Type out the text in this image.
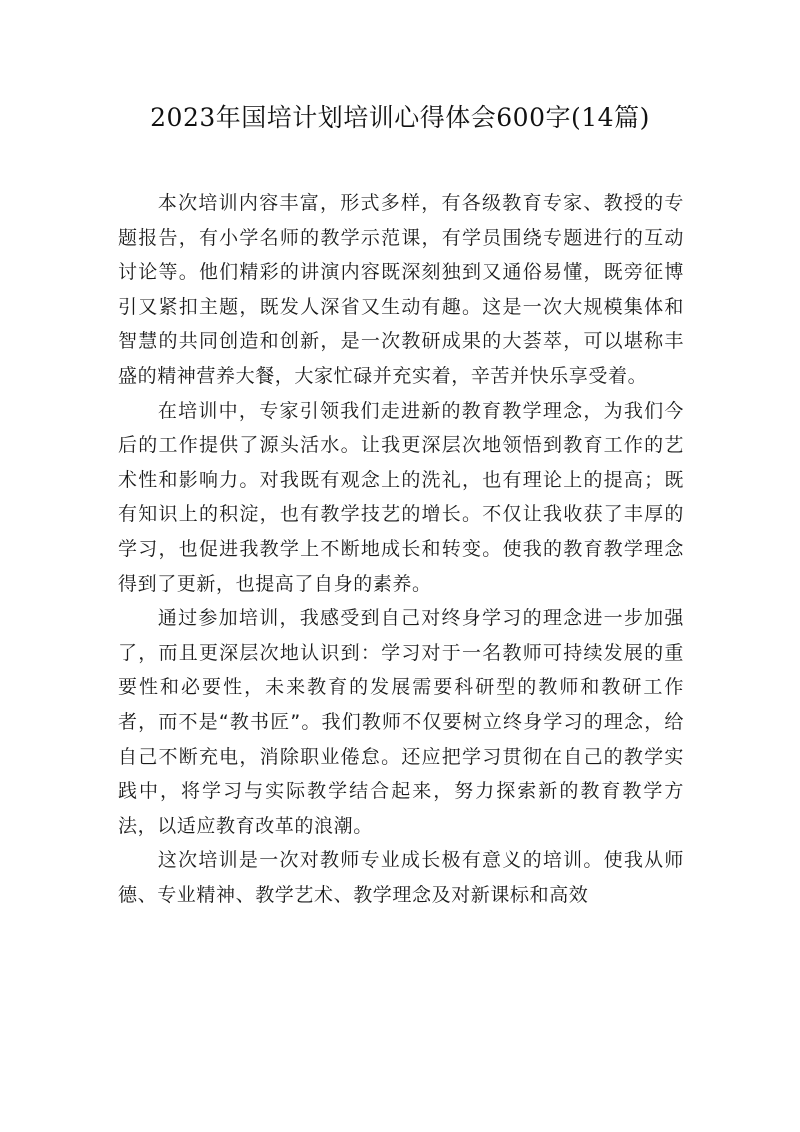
2023年国培计划培训心得体会600字(14篇)

本次培训内容丰富，形式多样，有各级教育专家、教授的专题报告，有小学名师的教学示范课，有学员围绕专题进行的互动讨论等。他们精彩的讲演内容既深刻独到又通俗易懂，既旁征博引又紧扣主题，既发人深省又生动有趣。这是一次大规模集体和智慧的共同创造和创新，是一次教研成果的大荟萃，可以堪称丰盛的精神营养大餐，大家忙碌并充实着，辛苦并快乐享受着。

在培训中，专家引领我们走进新的教育教学理念，为我们今后的工作提供了源头活水。让我更深层次地领悟到教育工作的艺术性和影响力。对我既有观念上的洗礼，也有理论上的提高；既有知识上的积淀，也有教学技艺的增长。不仅让我收获了丰厚的学习，也促进我教学上不断地成长和转变。使我的教育教学理念得到了更新，也提高了自身的素养。

通过参加培训，我感受到自己对终身学习的理念进一步加强了，而且更深层次地认识到：学习对于一名教师可持续发展的重要性和必要性，未来教育的发展需要科研型的教师和教研工作者，而不是“教书匠”。我们教师不仅要树立终身学习的理念，给自己不断充电，消除职业倦怠。还应把学习贯彻在自己的教学实践中，将学习与实际教学结合起来，努力探索新的教育教学方法，以适应教育改革的浪潮。

这次培训是一次对教师专业成长极有意义的培训。使我从师德、专业精神、教学艺术、教学理念及对新课标和高效
